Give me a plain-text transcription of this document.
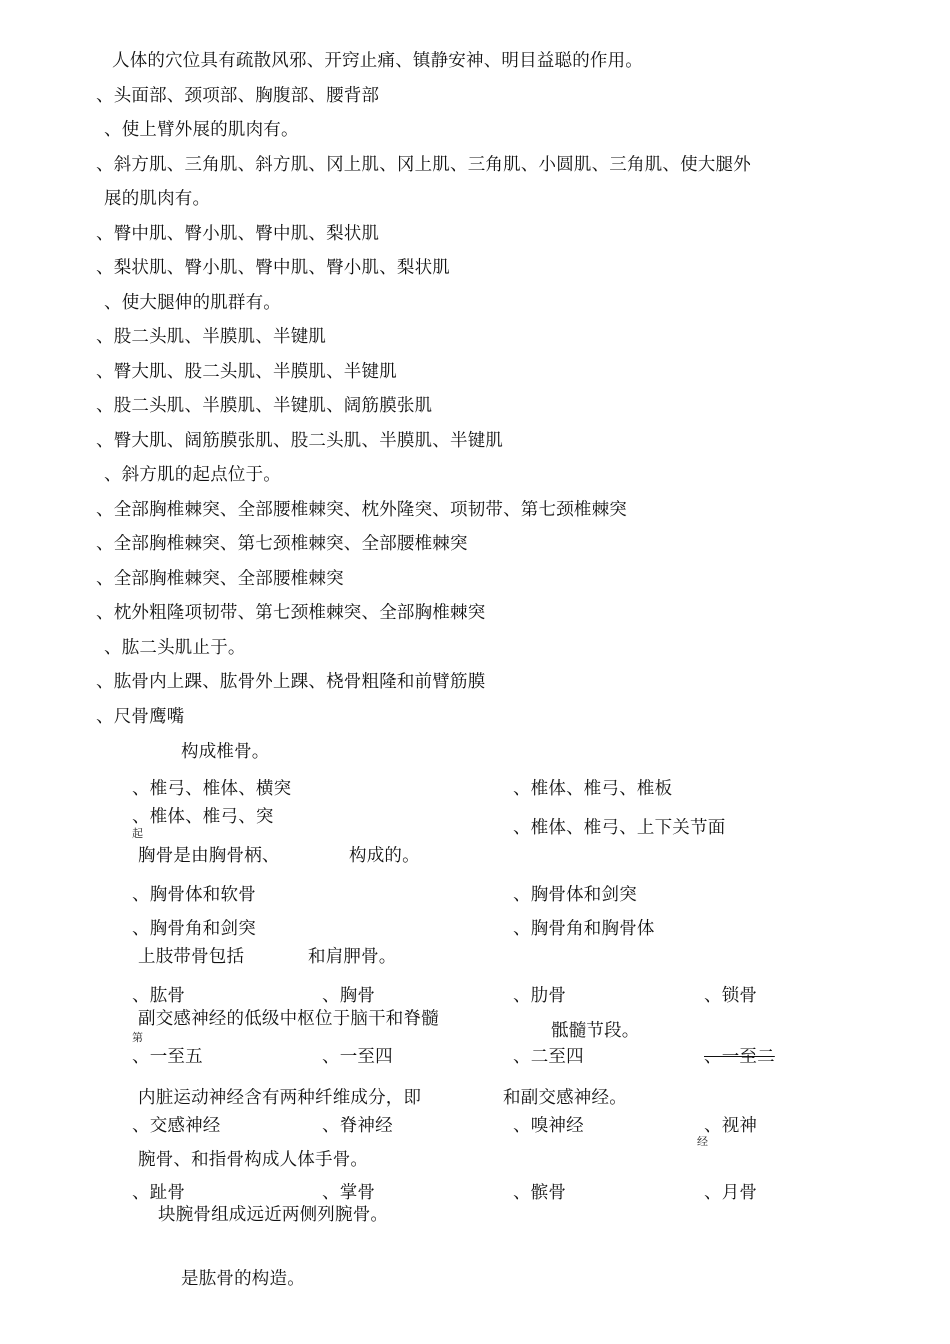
人体的穴位具有疏散风邪、开窍止痛、镇静安神、明目益聪的作用。
、头面部、颈项部、胸腹部、腰背部
、使上臂外展的肌肉有。
、斜方肌、三角肌、斜方肌、冈上肌、冈上肌、三角肌、小圆肌、三角肌、使大腿外
展的肌肉有。
、臀中肌、臀小肌、臀中肌、梨状肌
、梨状肌、臀小肌、臀中肌、臀小肌、梨状肌
、使大腿伸的肌群有。
、股二头肌、半膜肌、半键肌
、臀大肌、股二头肌、半膜肌、半键肌
、股二头肌、半膜肌、半键肌、阔筋膜张肌
、臀大肌、阔筋膜张肌、股二头肌、半膜肌、半键肌
、斜方肌的起点位于。
、全部胸椎棘突、全部腰椎棘突、枕外隆突、项韧带、第七颈椎棘突
、全部胸椎棘突、第七颈椎棘突、全部腰椎棘突
、全部胸椎棘突、全部腰椎棘突
、枕外粗隆项韧带、第七颈椎棘突、全部胸椎棘突
、肱二头肌止于。
、肱骨内上踝、肱骨外上踝、桡骨粗隆和前臂筋膜
、尺骨鹰嘴
构成椎骨。
、椎弓、椎体、横突	、椎体、椎弓、椎板
、椎体、椎弓、突
起	、椎体、椎弓、上下关节面
胸骨是由胸骨柄、	构成的。
、胸骨体和软骨	、胸骨体和剑突
、胸骨角和剑突	、胸骨角和胸骨体
上肢带骨包括	和肩胛骨。
、肱骨	、胸骨	、肋骨	、锁骨
副交感神经的低级中枢位于脑干和脊髓
骶髓节段。
第
、一至五	、一至四	、二至四	、一至二
内脏运动神经含有两种纤维成分，即	和副交感神经。
、交感神经	、脊神经	、嗅神经	、视神
经
腕骨、和指骨构成人体手骨。
、趾骨	、掌骨	、髌骨	、月骨
块腕骨组成远近两侧列腕骨。
是肱骨的构造。
